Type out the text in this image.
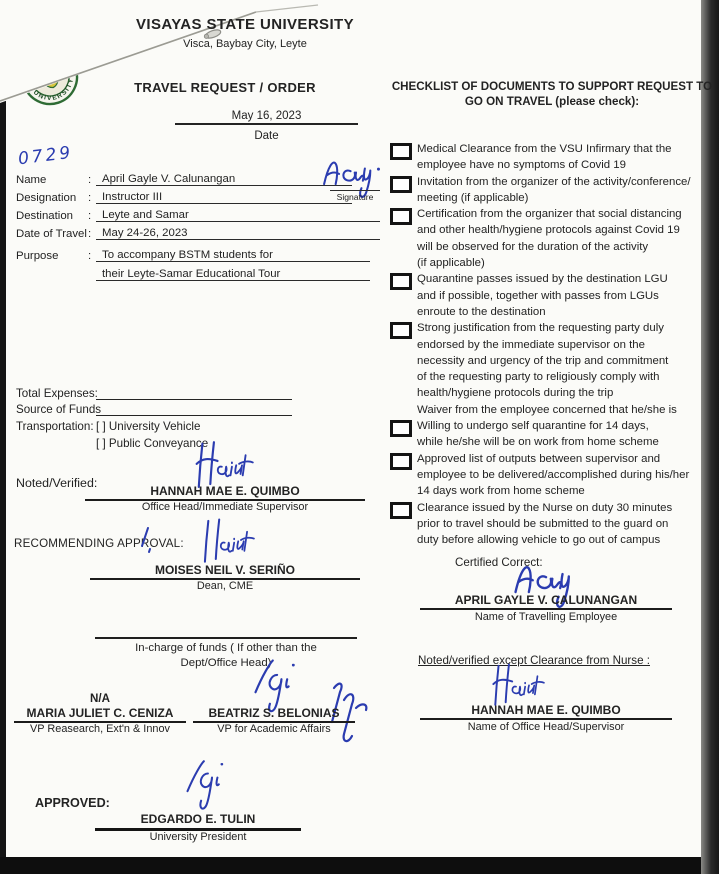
UNIVERSITY
VISAYAS STATE UNIVERSITY
Visca, Baybay City, Leyte
TRAVEL REQUEST / ORDER
May 16, 2023
Date
0729
Name	: April Gayle V. Calunangan
Designation : Instructor III
Destination : Leyte and Samar
Date of Travel : May 24-26, 2023
Purpose	: To accompany BSTM students for
their Leyte-Samar Educational Tour
Signature
Total Expenses:
Source of Funds
Transportation: [ ] University Vehicle
[ ] Public Conveyance
Noted/Verified:
HANNAH MAE E. QUIMBO
Office Head/Immediate Supervisor
RECOMMENDING APPROVAL:
MOISES NEIL V. SERIÑO
Dean, CME
In-charge of funds ( If other than the
Dept/Office Head)
N/A
MARIA JULIET C. CENIZA
VP Reasearch, Ext'n & Innov
BEATRIZ S. BELONIAS
VP for Academic Affairs
APPROVED:
EDGARDO E. TULIN
University President
CHECKLIST OF DOCUMENTS TO SUPPORT REQUEST TO GO ON TRAVEL (please check):
Medical Clearance from the VSU Infirmary that the
employee have no symptoms of Covid 19
Invitation from the organizer of the activity/conference/
meeting (if applicable)
Certification from the organizer that social distancing
and other health/hygiene protocols against Covid 19
will be observed for the duration of the activity
(if applicable)
Quarantine passes issued by the destination LGU
and if possible, together with passes from LGUs
enroute to the destination
Strong justification from the requesting party duly
endorsed by the immediate supervisor on the
necessity and urgency of the trip and commitment
of the requesting party to religiously comply with
health/hygiene protocols during the trip
Waiver from the employee concerned that he/she is
Willing to undergo self quarantine for 14 days,
while he/she will be on work from home scheme
Approved list of outputs between supervisor and
employee to be delivered/accomplished during his/her
14 days work from home scheme
Clearance issued by the Nurse on duty 30 minutes
prior to travel should be submitted to the guard on
duty before allowing vehicle to go out of campus
Certified Correct:
APRIL GAYLE V. CALUNANGAN
Name of Travelling Employee
Noted/verified except Clearance from Nurse :
HANNAH MAE E. QUIMBO
Name of Office Head/Supervisor
